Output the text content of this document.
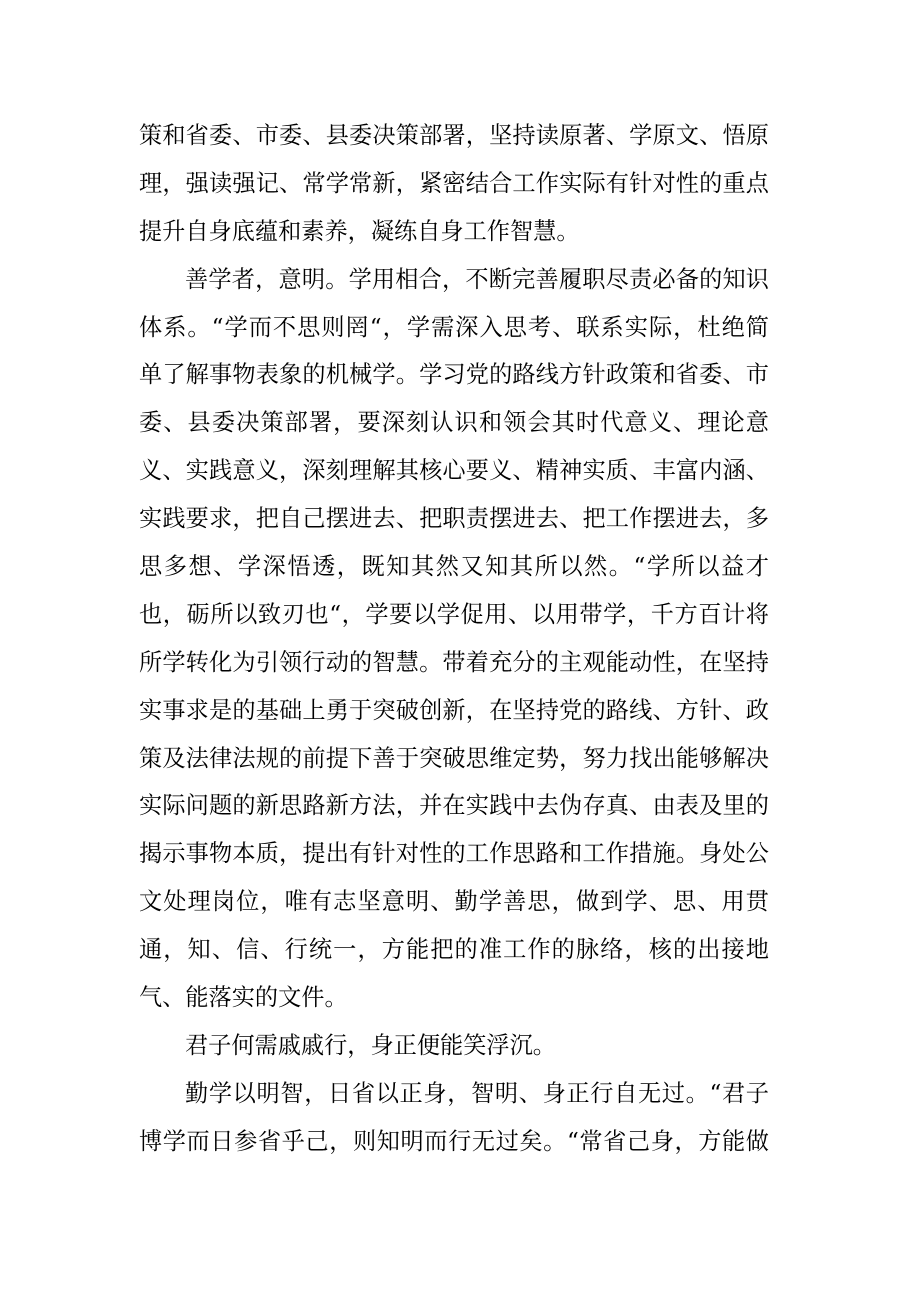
策和省委、市委、县委决策部署，坚持读原著、学原文、悟原
理，强读强记、常学常新，紧密结合工作实际有针对性的重点
提升自身底蕴和素养，凝练自身工作智慧。
善学者，意明。学用相合，不断完善履职尽责必备的知识
体系。“学而不思则罔“，学需深入思考、联系实际，杜绝简
单了解事物表象的机械学。学习党的路线方针政策和省委、市
委、县委决策部署，要深刻认识和领会其时代意义、理论意
义、实践意义，深刻理解其核心要义、精神实质、丰富内涵、
实践要求，把自己摆进去、把职责摆进去、把工作摆进去，多
思多想、学深悟透，既知其然又知其所以然。“学所以益才
也，砺所以致刃也“，学要以学促用、以用带学，千方百计将
所学转化为引领行动的智慧。带着充分的主观能动性，在坚持
实事求是的基础上勇于突破创新，在坚持党的路线、方针、政
策及法律法规的前提下善于突破思维定势，努力找出能够解决
实际问题的新思路新方法，并在实践中去伪存真、由表及里的
揭示事物本质，提出有针对性的工作思路和工作措施。身处公
文处理岗位，唯有志坚意明、勤学善思，做到学、思、用贯
通，知、信、行统一，方能把的准工作的脉络，核的出接地
气、能落实的文件。
君子何需戚戚行，身正便能笑浮沉。
勤学以明智，日省以正身，智明、身正行自无过。“君子
博学而日参省乎己，则知明而行无过矣。“常省己身，方能做
